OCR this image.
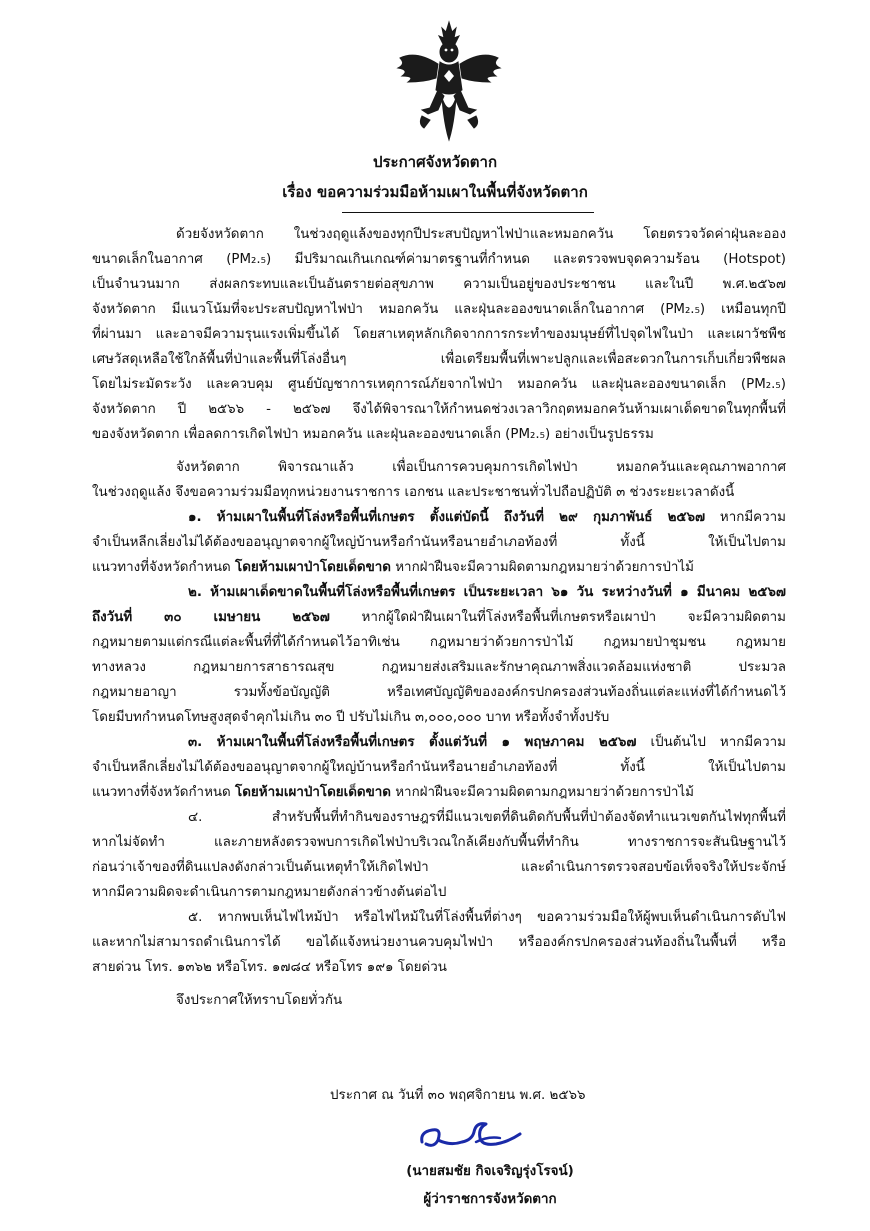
ประกาศจังหวัดตาก
เรื่อง ขอความร่วมมือห้ามเผาในพื้นที่จังหวัดตาก

ด้วยจังหวัดตาก ในช่วงฤดูแล้งของทุกปีประสบปัญหาไฟป่าและหมอกควัน โดยตรวจวัดค่าฝุ่นละออง

ขนาดเล็กในอากาศ (PM₂.₅) มีปริมาณเกินเกณฑ์ค่ามาตรฐานที่กำหนด และตรวจพบจุดความร้อน (Hotspot)

เป็นจำนวนมาก ส่งผลกระทบและเป็นอันตรายต่อสุขภาพ ความเป็นอยู่ของประชาชน และในปี พ.ศ.๒๕๖๗

จังหวัดตาก มีแนวโน้มที่จะประสบปัญหาไฟป่า หมอกควัน และฝุ่นละอองขนาดเล็กในอากาศ (PM₂.₅) เหมือนทุกปี

ที่ผ่านมา และอาจมีความรุนแรงเพิ่มขึ้นได้ โดยสาเหตุหลักเกิดจากการกระทำของมนุษย์ที่ไปจุดไฟในป่า และเผาวัชพืช

เศษวัสดุเหลือใช้ใกล้พื้นที่ป่าและพื้นที่โล่งอื่นๆ เพื่อเตรียมพื้นที่เพาะปลูกและเพื่อสะดวกในการเก็บเกี่ยวพืชผล

โดยไม่ระมัดระวัง และควบคุม ศูนย์บัญชาการเหตุการณ์ภัยจากไฟป่า หมอกควัน และฝุ่นละอองขนาดเล็ก (PM₂.₅)

จังหวัดตาก ปี ๒๕๖๖ - ๒๕๖๗ จึงได้พิจารณาให้กำหนดช่วงเวลาวิกฤตหมอกควันห้ามเผาเด็ดขาดในทุกพื้นที่

ของจังหวัดตาก เพื่อลดการเกิดไฟป่า หมอกควัน และฝุ่นละอองขนาดเล็ก (PM₂.₅) อย่างเป็นรูปธรรม

จังหวัดตาก พิจารณาแล้ว เพื่อเป็นการควบคุมการเกิดไฟป่า หมอกควันและคุณภาพอากาศ

ในช่วงฤดูแล้ง จึงขอความร่วมมือทุกหน่วยงานราชการ เอกชน และประชาชนทั่วไปถือปฏิบัติ ๓ ช่วงระยะเวลาดังนี้

๑. ห้ามเผาในพื้นที่โล่งหรือพื้นที่เกษตร ตั้งแต่บัดนี้ ถึงวันที่ ๒๙ กุมภาพันธ์ ๒๕๖๗ หากมีความ

จำเป็นหลีกเลี่ยงไม่ได้ต้องขออนุญาตจากผู้ใหญ่บ้านหรือกำนันหรือนายอำเภอท้องที่ ทั้งนี้ ให้เป็นไปตาม

แนวทางที่จังหวัดกำหนด โดยห้ามเผาป่าโดยเด็ดขาด หากฝ่าฝืนจะมีความผิดตามกฎหมายว่าด้วยการป่าไม้

๒. ห้ามเผาเด็ดขาดในพื้นที่โล่งหรือพื้นที่เกษตร เป็นระยะเวลา ๖๑ วัน ระหว่างวันที่ ๑ มีนาคม ๒๕๖๗

ถึงวันที่ ๓๐ เมษายน ๒๕๖๗ หากผู้ใดฝ่าฝืนเผาในที่โล่งหรือพื้นที่เกษตรหรือเผาป่า จะมีความผิดตาม

กฎหมายตามแต่กรณีแต่ละพื้นที่ที่ได้กำหนดไว้อาทิเช่น กฎหมายว่าด้วยการป่าไม้ กฎหมายป่าชุมชน กฎหมาย

ทางหลวง กฎหมายการสาธารณสุข กฎหมายส่งเสริมและรักษาคุณภาพสิ่งแวดล้อมแห่งชาติ ประมวล

กฎหมายอาญา รวมทั้งข้อบัญญัติ หรือเทศบัญญัติขององค์กรปกครองส่วนท้องถิ่นแต่ละแห่งที่ได้กำหนดไว้

โดยมีบทกำหนดโทษสูงสุดจำคุกไม่เกิน ๓๐ ปี ปรับไม่เกิน ๓,๐๐๐,๐๐๐ บาท หรือทั้งจำทั้งปรับ

๓. ห้ามเผาในพื้นที่โล่งหรือพื้นที่เกษตร ตั้งแต่วันที่ ๑ พฤษภาคม ๒๕๖๗ เป็นต้นไป หากมีความ

จำเป็นหลีกเลี่ยงไม่ได้ต้องขออนุญาตจากผู้ใหญ่บ้านหรือกำนันหรือนายอำเภอท้องที่ ทั้งนี้ ให้เป็นไปตาม

แนวทางที่จังหวัดกำหนด โดยห้ามเผาป่าโดยเด็ดขาด หากฝ่าฝืนจะมีความผิดตามกฎหมายว่าด้วยการป่าไม้

๔. สำหรับพื้นที่ทำกินของราษฎรที่มีแนวเขตที่ดินติดกับพื้นที่ป่าต้องจัดทำแนวเขตกันไฟทุกพื้นที่

หากไม่จัดทำ และภายหลังตรวจพบการเกิดไฟป่าบริเวณใกล้เคียงกับพื้นที่ทำกิน ทางราชการจะสันนิษฐานไว้

ก่อนว่าเจ้าของที่ดินแปลงดังกล่าวเป็นต้นเหตุทำให้เกิดไฟป่า และดำเนินการตรวจสอบข้อเท็จจริงให้ประจักษ์

หากมีความผิดจะดำเนินการตามกฎหมายดังกล่าวข้างต้นต่อไป

๕. หากพบเห็นไฟไหม้ป่า หรือไฟไหม้ในที่โล่งพื้นที่ต่างๆ ขอความร่วมมือให้ผู้พบเห็นดำเนินการดับไฟ

และหากไม่สามารถดำเนินการได้ ขอได้แจ้งหน่วยงานควบคุมไฟป่า หรือองค์กรปกครองส่วนท้องถิ่นในพื้นที่ หรือ

สายด่วน โทร. ๑๓๖๒ หรือโทร. ๑๗๘๔ หรือโทร ๑๙๑ โดยด่วน

จึงประกาศให้ทราบโดยทั่วกัน

ประกาศ ณ วันที่ ๓๐ พฤศจิกายน พ.ศ. ๒๕๖๖
(นายสมชัย กิจเจริญรุ่งโรจน์)
ผู้ว่าราชการจังหวัดตาก
